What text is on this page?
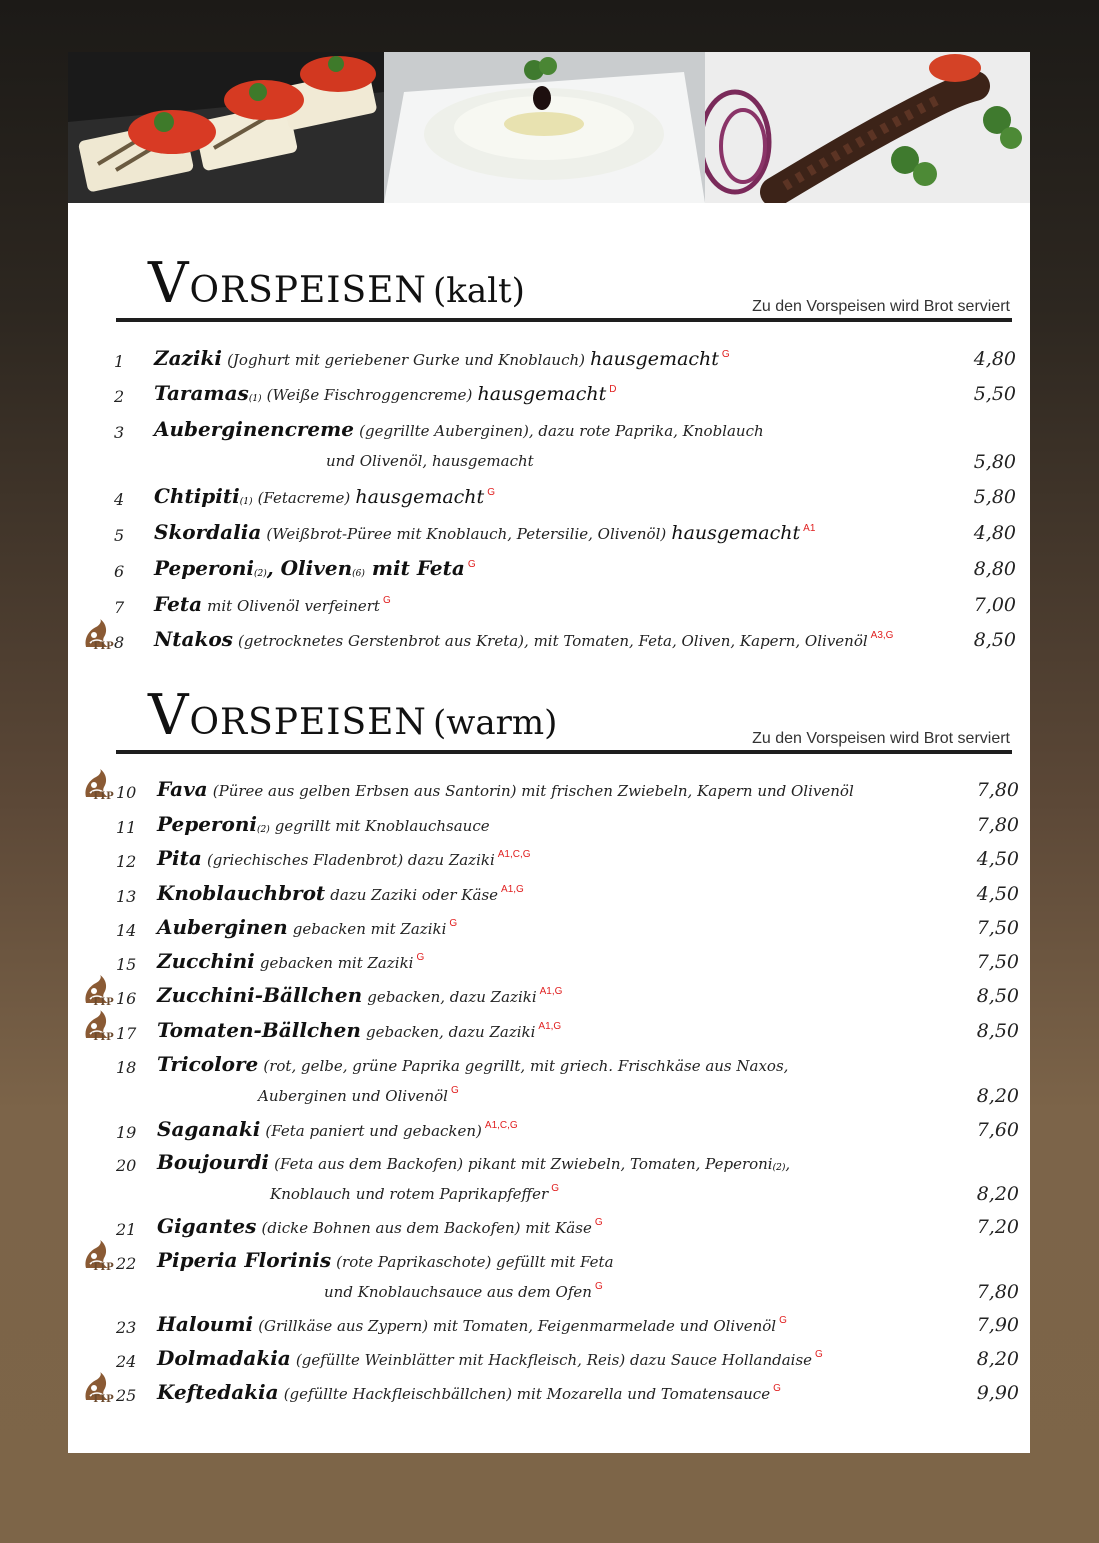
VORSPEISEN (kalt)	Zu den Vorspeisen wird Brot serviert
1 Zaziki (Joghurt mit geriebener Gurke und Knoblauch) hausgemacht $^G$	4,80
2 Taramas(1) (Weiße Fischroggencreme) hausgemacht $^D$	5,50
3 Auberginencreme (gegrillte Auberginen), dazu rote Paprika, Knoblauch
und Olivenöl, hausgemacht	5,80
4 Chtipiti(1) (Fetacreme) hausgemacht $^G$	5,80
5 Skordalia (Weißbrot-Püree mit Knoblauch, Petersilie, Olivenöl) hausgemacht $^{A1}$	4,80
6 Peperoni(2), Oliven(6) mit Feta $^G$	8,80
7 Feta mit Olivenöl verfeinert $^G$	7,00
8 Ntakos (getrocknetes Gerstenbrot aus Kreta), mit Tomaten, Feta, Oliven, Kapern, Olivenöl $^{A3,G}$	8,50
TIP
VORSPEISEN (warm)	Zu den Vorspeisen wird Brot serviert
10 Fava (Püree aus gelben Erbsen aus Santorin) mit frischen Zwiebeln, Kapern und Olivenöl	7,80
TIP
11 Peperoni(2) gegrillt mit Knoblauchsauce	7,80
12 Pita (griechisches Fladenbrot) dazu Zaziki $^{A1,C,G}$	4,50
13 Knoblauchbrot dazu Zaziki oder Käse $^{A1,G}$	4,50
14 Auberginen gebacken mit Zaziki $^G$	7,50
15 Zucchini gebacken mit Zaziki $^G$	7,50
16 Zucchini-Bällchen gebacken, dazu Zaziki $^{A1,G}$	8,50
TIP
17 Tomaten-Bällchen gebacken, dazu Zaziki $^{A1,G}$	8,50
TIP
18 Tricolore (rot, gelbe, grüne Paprika gegrillt, mit griech. Frischkäse aus Naxos,
Auberginen und Olivenöl $^G$	8,20
19 Saganaki (Feta paniert und gebacken) $^{A1,C,G}$	7,60
20 Boujourdi (Feta aus dem Backofen) pikant mit Zwiebeln, Tomaten, Peperoni(2),
Knoblauch und rotem Paprikapfeffer $^G$	8,20
21 Gigantes (dicke Bohnen aus dem Backofen) mit Käse $^G$	7,20
22 Piperia Florinis (rote Paprikaschote) gefüllt mit Feta
und Knoblauchsauce aus dem Ofen $^G$	7,80
TIP
23 Haloumi (Grillkäse aus Zypern) mit Tomaten, Feigenmarmelade und Olivenöl $^G$	7,90
24 Dolmadakia (gefüllte Weinblätter mit Hackfleisch, Reis) dazu Sauce Hollandaise $^G$	8,20
25 Keftedakia (gefüllte Hackfleischbällchen) mit Mozarella und Tomatensauce $^G$	9,90
TIP
